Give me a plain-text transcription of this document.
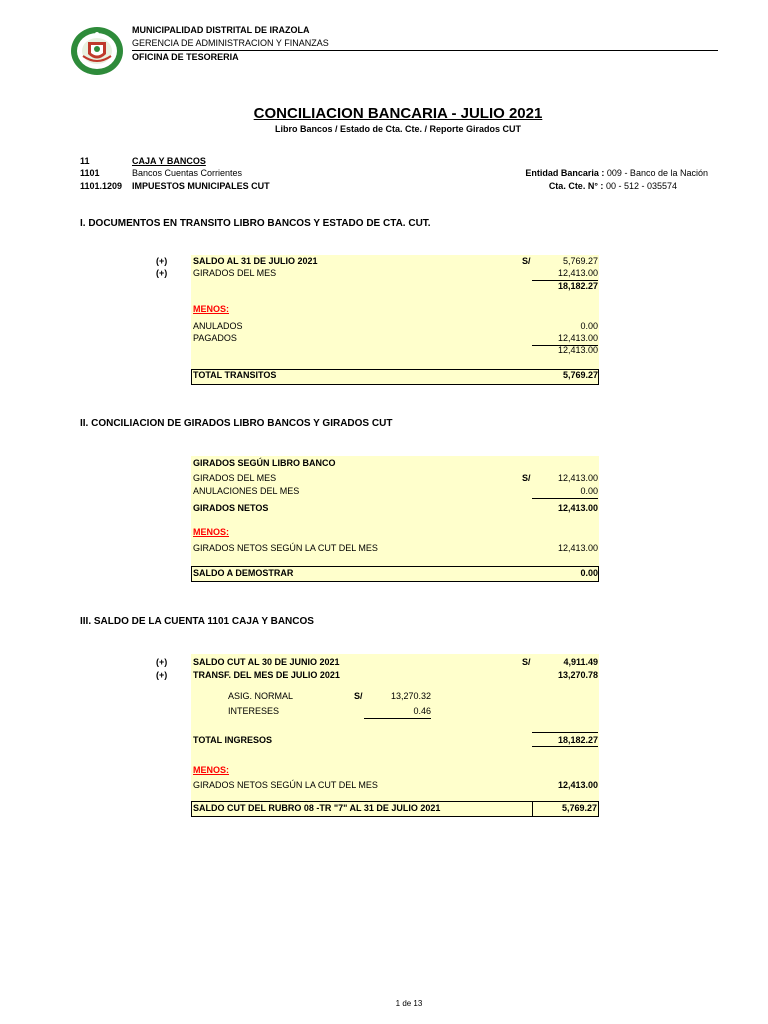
MUNICIPALIDAD DISTRITAL DE IRAZOLA
GERENCIA DE ADMINISTRACION Y FINANZAS
OFICINA DE TESORERIA
CONCILIACION BANCARIA - JULIO 2021
Libro Bancos / Estado de Cta. Cte. / Reporte Girados CUT
11	CAJA Y BANCOS
1101	Bancos Cuentas Corrientes
1101.1209 IMPUESTOS MUNICIPALES CUT
Entidad Bancaria : 009 - Banco de la Nación
Cta. Cte. N° : 00 - 512 - 035574
I. DOCUMENTOS EN TRANSITO LIBRO BANCOS Y ESTADO DE CTA. CUT.
(+)
(+)
SALDO AL 31 DE JULIO 2021	S/	5,769.27
GIRADOS DEL MES	12,413.00
18,182.27
MENOS:
ANULADOS	0.00
PAGADOS	12,413.00
12,413.00
TOTAL TRANSITOS	5,769.27
II. CONCILIACION DE GIRADOS LIBRO BANCOS Y GIRADOS CUT
GIRADOS SEGÚN LIBRO BANCO
GIRADOS DEL MES	S/	12,413.00
ANULACIONES DEL MES	0.00
GIRADOS NETOS	12,413.00
MENOS:
GIRADOS NETOS SEGÚN LA CUT DEL MES	12,413.00
SALDO A DEMOSTRAR	0.00
III. SALDO DE LA CUENTA 1101 CAJA Y BANCOS
(+)
(+)
SALDO CUT AL 30 DE JUNIO 2021	S/	4,911.49
TRANSF. DEL MES DE JULIO 2021	13,270.78
ASIG. NORMAL	S/	13,270.32
INTERESES	0.46
TOTAL INGRESOS	18,182.27
MENOS:
GIRADOS NETOS SEGÚN LA CUT DEL MES	12,413.00
SALDO CUT DEL RUBRO 08 -TR "7" AL 31 DE JULIO 2021	5,769.27
1 de 13
